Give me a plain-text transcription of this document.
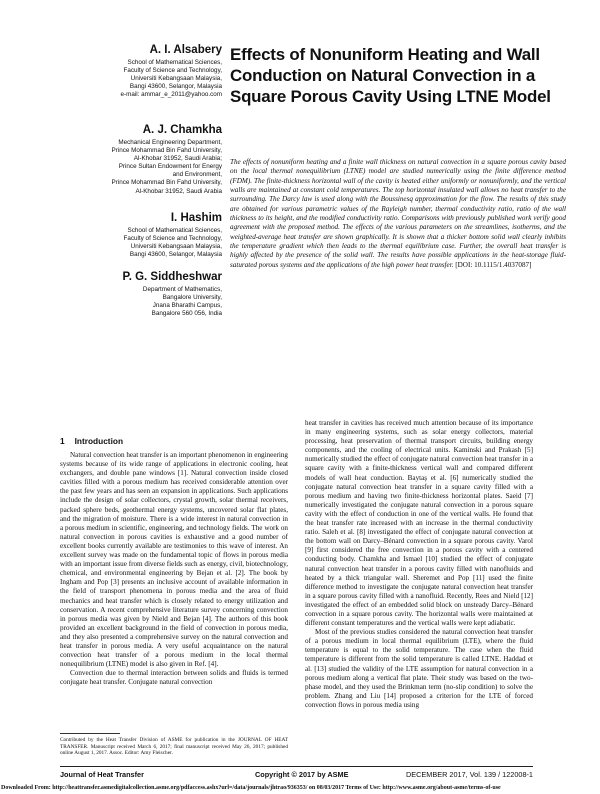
A. I. Alsabery
School of Mathematical Sciences,
Faculty of Science and Technology,
Universiti Kebangsaan Malaysia,
Bangi 43600, Selangor, Malaysia
e-mail: ammar_e_2011@yahoo.com
A. J. Chamkha
Mechanical Engineering Department,
Prince Mohammad Bin Fahd University,
Al-Khobar 31952, Saudi Arabia;
Prince Sultan Endowment for Energy
and Environment,
Prince Mohammad Bin Fahd University,
Al-Khobar 31952, Saudi Arabia
I. Hashim
School of Mathematical Sciences,
Faculty of Science and Technology,
Universiti Kebangsaan Malaysia,
Bangi 43600, Selangor, Malaysia
P. G. Siddheshwar
Department of Mathematics,
Bangalore University,
Jnana Bharathi Campus,
Bangalore 560 056, India
Effects of Nonuniform Heating and Wall Conduction on Natural Convection in a Square Porous Cavity Using LTNE Model
The effects of nonuniform heating and a finite wall thickness on natural convection in a square porous cavity based on the local thermal nonequilibrium (LTNE) model are studied numerically using the finite difference method (FDM). The finite-thickness horizontal wall of the cavity is heated either uniformly or nonuniformly, and the vertical walls are maintained at constant cold temperatures. The top horizontal insulated wall allows no heat transfer to the surrounding. The Darcy law is used along with the Boussinesq approximation for the flow. The results of this study are obtained for various parametric values of the Rayleigh number, thermal conductivity ratio, ratio of the wall thickness to its height, and the modified conductivity ratio. Comparisons with previously published work verify good agreement with the proposed method. The effects of the various parameters on the streamlines, isotherms, and the weighted-average heat transfer are shown graphically. It is shown that a thicker bottom solid wall clearly inhibits the temperature gradient which then leads to the thermal equilibrium case. Further, the overall heat transfer is highly affected by the presence of the solid wall. The results have possible applications in the heat-storage fluid-saturated porous systems and the applications of the high power heat transfer. [DOI: 10.1115/1.4037087]
1 Introduction

Natural convection heat transfer is an important phenomenon in engineering systems because of its wide range of applications in electronic cooling, heat exchangers, and double pane windows [1]. Natural convection inside closed cavities filled with a porous medium has received considerable attention over the past few years and has seen an expansion in applications. Such applications include the design of solar collectors, crystal growth, solar thermal receivers, packed sphere beds, geothermal energy systems, uncovered solar flat plates, and the migration of moisture. There is a wide interest in natural convection in a porous medium in scientific, engineering, and technology fields. The work on natural convection in porous cavities is exhaustive and a good number of excellent books currently available are testimonies to this wave of interest. An excellent survey was made on the fundamental topic of flows in porous media with an important issue from diverse fields such as energy, civil, biotechnology, chemical, and environmental engineering by Bejan et al. [2]. The book by Ingham and Pop [3] presents an inclusive account of available information in the field of transport phenomena in porous media and the area of fluid mechanics and heat transfer which is closely related to energy utilization and conservation. A recent comprehensive literature survey concerning convection in porous media was given by Nield and Bejan [4]. The authors of this book provided an excellent background in the field of convection in porous media, and they also presented a comprehensive survey on the natural convection and heat transfer in porous media. A very useful acquaintance on the natural convection heat transfer of a porous medium in the local thermal nonequilibrium (LTNE) model is also given in Ref. [4].

Convection due to thermal interaction between solids and fluids is termed conjugate heat transfer. Conjugate natural convection

heat transfer in cavities has received much attention because of its importance in many engineering systems, such as solar energy collectors, material processing, heat preservation of thermal transport circuits, building energy components, and the cooling of electrical units. Kaminski and Prakash [5] numerically studied the effect of conjugate natural convection heat transfer in a square cavity with a finite-thickness vertical wall and compared different models of wall heat conduction. Baytaş et al. [6] numerically studied the conjugate natural convection heat transfer in a square cavity filled with a porous medium and having two finite-thickness horizontal plates. Saeid [7] numerically investigated the conjugate natural convection in a porous square cavity with the effect of conduction in one of the vertical walls. He found that the heat transfer rate increased with an increase in the thermal conductivity ratio. Saleh et al. [8] investigated the effect of conjugate natural convection at the bottom wall on Darcy–Bénard convection in a square porous cavity. Varol [9] first considered the free convection in a porous cavity with a centered conducting body. Chamkha and Ismael [10] studied the effect of conjugate natural convection heat transfer in a porous cavity filled with nanofluids and heated by a thick triangular wall. Sheremet and Pop [11] used the finite difference method to investigate the conjugate natural convection heat transfer in a square porous cavity filled with a nanofluid. Recently, Rees and Nield [12] investigated the effect of an embedded solid block on unsteady Darcy–Bénard convection in a square porous cavity. The horizontal walls were maintained at different constant temperatures and the vertical walls were kept adiabatic.

Most of the previous studies considered the natural convection heat transfer of a porous medium in local thermal equilibrium (LTE), where the fluid temperature is equal to the solid temperature. The case when the fluid temperature is different from the solid temperature is called LTNE. Haddad et al. [13] studied the validity of the LTE assumption for natural convection in a porous medium along a vertical flat plate. Their study was based on the two-phase model, and they used the Brinkman term (no-slip condition) to solve the problem. Zhang and Liu [14] proposed a criterion for the LTE of forced convection flows in porous media using

Contributed by the Heat Transfer Division of ASME for publication in the JOURNAL OF HEAT TRANSFER. Manuscript received March 6, 2017; final manuscript received May 26, 2017; published online August 1, 2017. Assoc. Editor: Amy Fleischer.
Journal of Heat Transfer	Copyright © 2017 by ASME	DECEMBER 2017, Vol. 139 / 122008-1
Downloaded From: http://heattransfer.asmedigitalcollection.asme.org/pdfaccess.ashx?url=/data/journals/jhtrao/936353/ on 08/03/2017 Terms of Use: http://www.asme.org/about-asme/terms-of-use
